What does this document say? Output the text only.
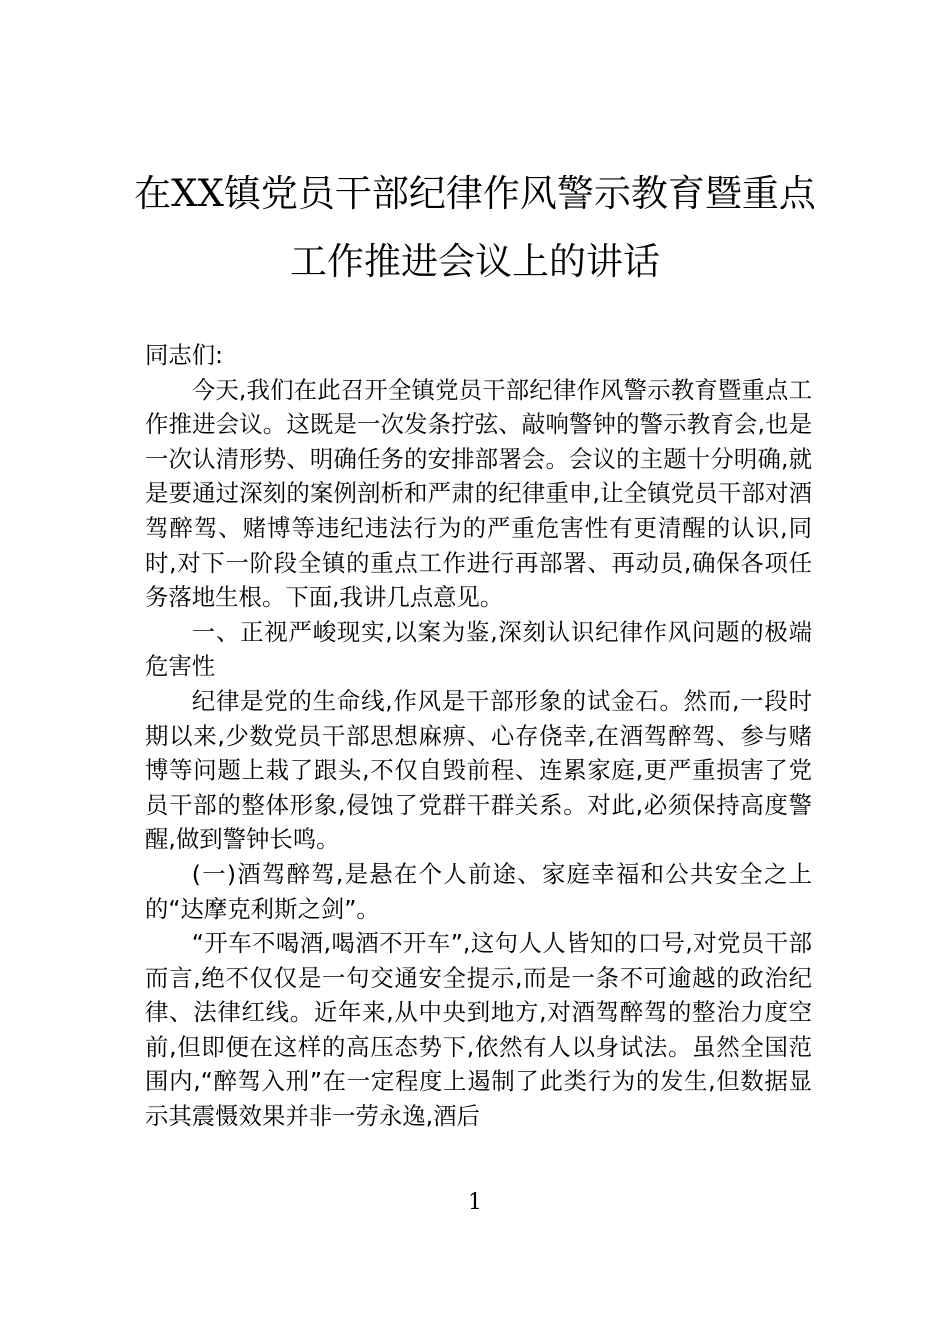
在XX镇党员干部纪律作风警示教育暨重点
工作推进会议上的讲话

同志们:

今天,我们在此召开全镇党员干部纪律作风警示教育暨重点工作推进会议。这既是一次发条拧弦、敲响警钟的警示教育会,也是一次认清形势、明确任务的安排部署会。会议的主题十分明确,就是要通过深刻的案例剖析和严肃的纪律重申,让全镇党员干部对酒驾醉驾、赌博等违纪违法行为的严重危害性有更清醒的认识,同时,对下一阶段全镇的重点工作进行再部署、再动员,确保各项任务落地生根。下面,我讲几点意见。

一、正视严峻现实,以案为鉴,深刻认识纪律作风问题的极端危害性

纪律是党的生命线,作风是干部形象的试金石。然而,一段时期以来,少数党员干部思想麻痹、心存侥幸,在酒驾醉驾、参与赌博等问题上栽了跟头,不仅自毁前程、连累家庭,更严重损害了党员干部的整体形象,侵蚀了党群干群关系。对此,必须保持高度警醒,做到警钟长鸣。

(一)酒驾醉驾,是悬在个人前途、家庭幸福和公共安全之上的“达摩克利斯之剑”。

“开车不喝酒,喝酒不开车”,这句人人皆知的口号,对党员干部而言,绝不仅仅是一句交通安全提示,而是一条不可逾越的政治纪律、法律红线。近年来,从中央到地方,对酒驾醉驾的整治力度空前,但即便在这样的高压态势下,依然有人以身试法。虽然全国范围内,“醉驾入刑”在一定程度上遏制了此类行为的发生,但数据显示其震慑效果并非一劳永逸,酒后

1
